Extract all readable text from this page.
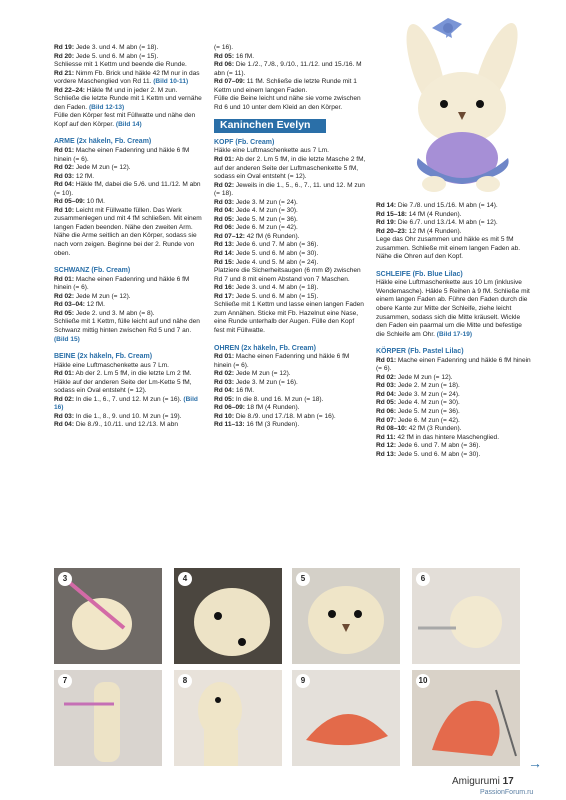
Rd 19: Jede 3. und 4. M abn (= 18).

Rd 20: Jede 5. und 6. M abn (= 15).

Schliesse mit 1 Kettm und beende die Runde.

Rd 21: Nimm Fb. Brick und häkle 42 fM nur in das vordere Maschenglied von Rd 11. (Bild 10-11)

Rd 22–24: Häkle fM und in jeder 2. M zun. Schließe die letzte Runde mit 1 Kettm und vernähe den Faden. (Bild 12-13)

Fülle den Körper fest mit Füllwatte und nähe den Kopf auf den Körper. (Bild 14)

ARME (2x häkeln, Fb. Cream)

Rd 01: Mache einen Fadenring und häkle 6 fM hinein (= 6).

Rd 02: Jede M zun (= 12).

Rd 03: 12 fM.

Rd 04: Häkle fM, dabei die 5./6. und 11./12. M abn (= 10).

Rd 05–09: 10 fM.

Rd 10: Leicht mit Füllwatte füllen. Das Werk zusammenlegen und mit 4 fM schließen. Mit einem langen Faden beenden. Nähe den zweiten Arm. Nähe die Arme seitlich an den Körper, sodass sie nach vorn zeigen. Beginne bei der 2. Runde von oben.

SCHWANZ (Fb. Cream)

Rd 01: Mache einen Fadenring und häkle 6 fM hinein (= 6).

Rd 02: Jede M zun (= 12).

Rd 03–04: 12 fM.

Rd 05: Jede 2. und 3. M abn (= 8).

Schließe mit 1 Kettm, fülle leicht auf und nähe den Schwanz mittig hinten zwischen Rd 5 und 7 an. (Bild 15)

BEINE (2x häkeln, Fb. Cream)

Häkle eine Luftmaschenkette aus 7 Lm.

Rd 01: Ab der 2. Lm 5 fM, in die letzte Lm 2 fM. Häkle auf der anderen Seite der Lm-Kette 5 fM, sodass ein Oval entsteht (= 12).

Rd 02: In die 1., 6., 7. und 12. M zun (= 16). (Bild 16)

Rd 03: In die 1., 8., 9. und 10. M zun (= 19).

Rd 04: Die 8./9., 10./11. und 12./13. M abn

(= 16).

Rd 05: 16 fM.

Rd 06: Die 1./2., 7./8., 9./10., 11./12. und 15./16. M abn (= 11).

Rd 07–09: 11 fM. Schließe die letzte Runde mit 1 Kettm und einem langen Faden.

Fülle die Beine leicht und nähe sie vorne zwischen Rd 6 und 10 unter dem Kleid an den Körper.

Kaninchen Evelyn
KOPF (Fb. Cream)

Häkle eine Luftmaschenkette aus 7 Lm.

Rd 01: Ab der 2. Lm 5 fM, in die letzte Masche 2 fM, auf der anderen Seite der Luftmaschenkette 5 fM, sodass ein Oval entsteht (= 12).

Rd 02: Jeweils in die 1., 5., 6., 7., 11. und 12. M zun (= 18).

Rd 03: Jede 3. M zun (= 24).

Rd 04: Jede 4. M zun (= 30).

Rd 05: Jede 5. M zun (= 36).

Rd 06: Jede 6. M zun (= 42).

Rd 07–12: 42 fM (6 Runden).

Rd 13: Jede 6. und 7. M abn (= 36).

Rd 14: Jede 5. und 6. M abn (= 30).

Rd 15: Jede 4. und 5. M abn (= 24).

Platziere die Sicherheitsaugen (6 mm Ø) zwischen Rd 7 und 8 mit einem Abstand von 7 Maschen.

Rd 16: Jede 3. und 4. M abn (= 18).

Rd 17: Jede 5. und 6. M abn (= 15).

Schließe mit 1 Kettm und lasse einen langen Faden zum Annähen. Sticke mit Fb. Hazelnut eine Nase, eine Runde unterhalb der Augen. Fülle den Kopf fest mit Füllwatte.

OHREN (2x häkeln, Fb. Cream)

Rd 01: Mache einen Fadenring und häkle 6 fM hinein (= 6).

Rd 02: Jede M zun (= 12).

Rd 03: Jede 3. M zun (= 16).

Rd 04: 16 fM.

Rd 05: In die 8. und 16. M zun (= 18).

Rd 06–09: 18 fM (4 Runden).

Rd 10: Die 8./9. und 17./18. M abn (= 16).

Rd 11–13: 16 fM (3 Runden).

Rd 14: Die 7./8. und 15./16. M abn (= 14).

Rd 15–18: 14 fM (4 Runden).

Rd 19: Die 6./7. und 13./14. M abn (= 12).

Rd 20–23: 12 fM (4 Runden).

Lege das Ohr zusammen und häkle es mit 5 fM zusammen. Schließe mit einem langen Faden ab. Nähe die Ohren auf den Kopf.

SCHLEIFE (Fb. Blue Lilac)

Häkle eine Luftmaschenkette aus 10 Lm (inklusive Wendemasche). Häkle 5 Reihen à 9 fM. Schließe mit einem langen Faden ab. Führe den Faden durch die obere Kante zur Mitte der Schleife, ziehe leicht zusammen, sodass sich die Mitte kräuselt. Wickle den Faden ein paarmal um die Mitte und befestige die Schleife am Ohr. (Bild 17-19)

KÖRPER (Fb. Pastel Lilac)

Rd 01: Mache einen Fadenring und häkle 6 fM hinein (= 6).

Rd 02: Jede M zun (= 12).

Rd 03: Jede 2. M zun (= 18).

Rd 04: Jede 3. M zun (= 24).

Rd 05: Jede 4. M zun (= 30).

Rd 06: Jede 5. M zun (= 36).

Rd 07: Jede 6. M zun (= 42).

Rd 08–10: 42 fM (3 Runden).

Rd 11: 42 fM in das hintere Maschenglied.

Rd 12: Jede 6. und 7. M abn (= 36).

Rd 13: Jede 5. und 6. M abn (= 30).

3	4	5	6
7	8	9	10
→
Amigurumi 17
PassionForum.ru
